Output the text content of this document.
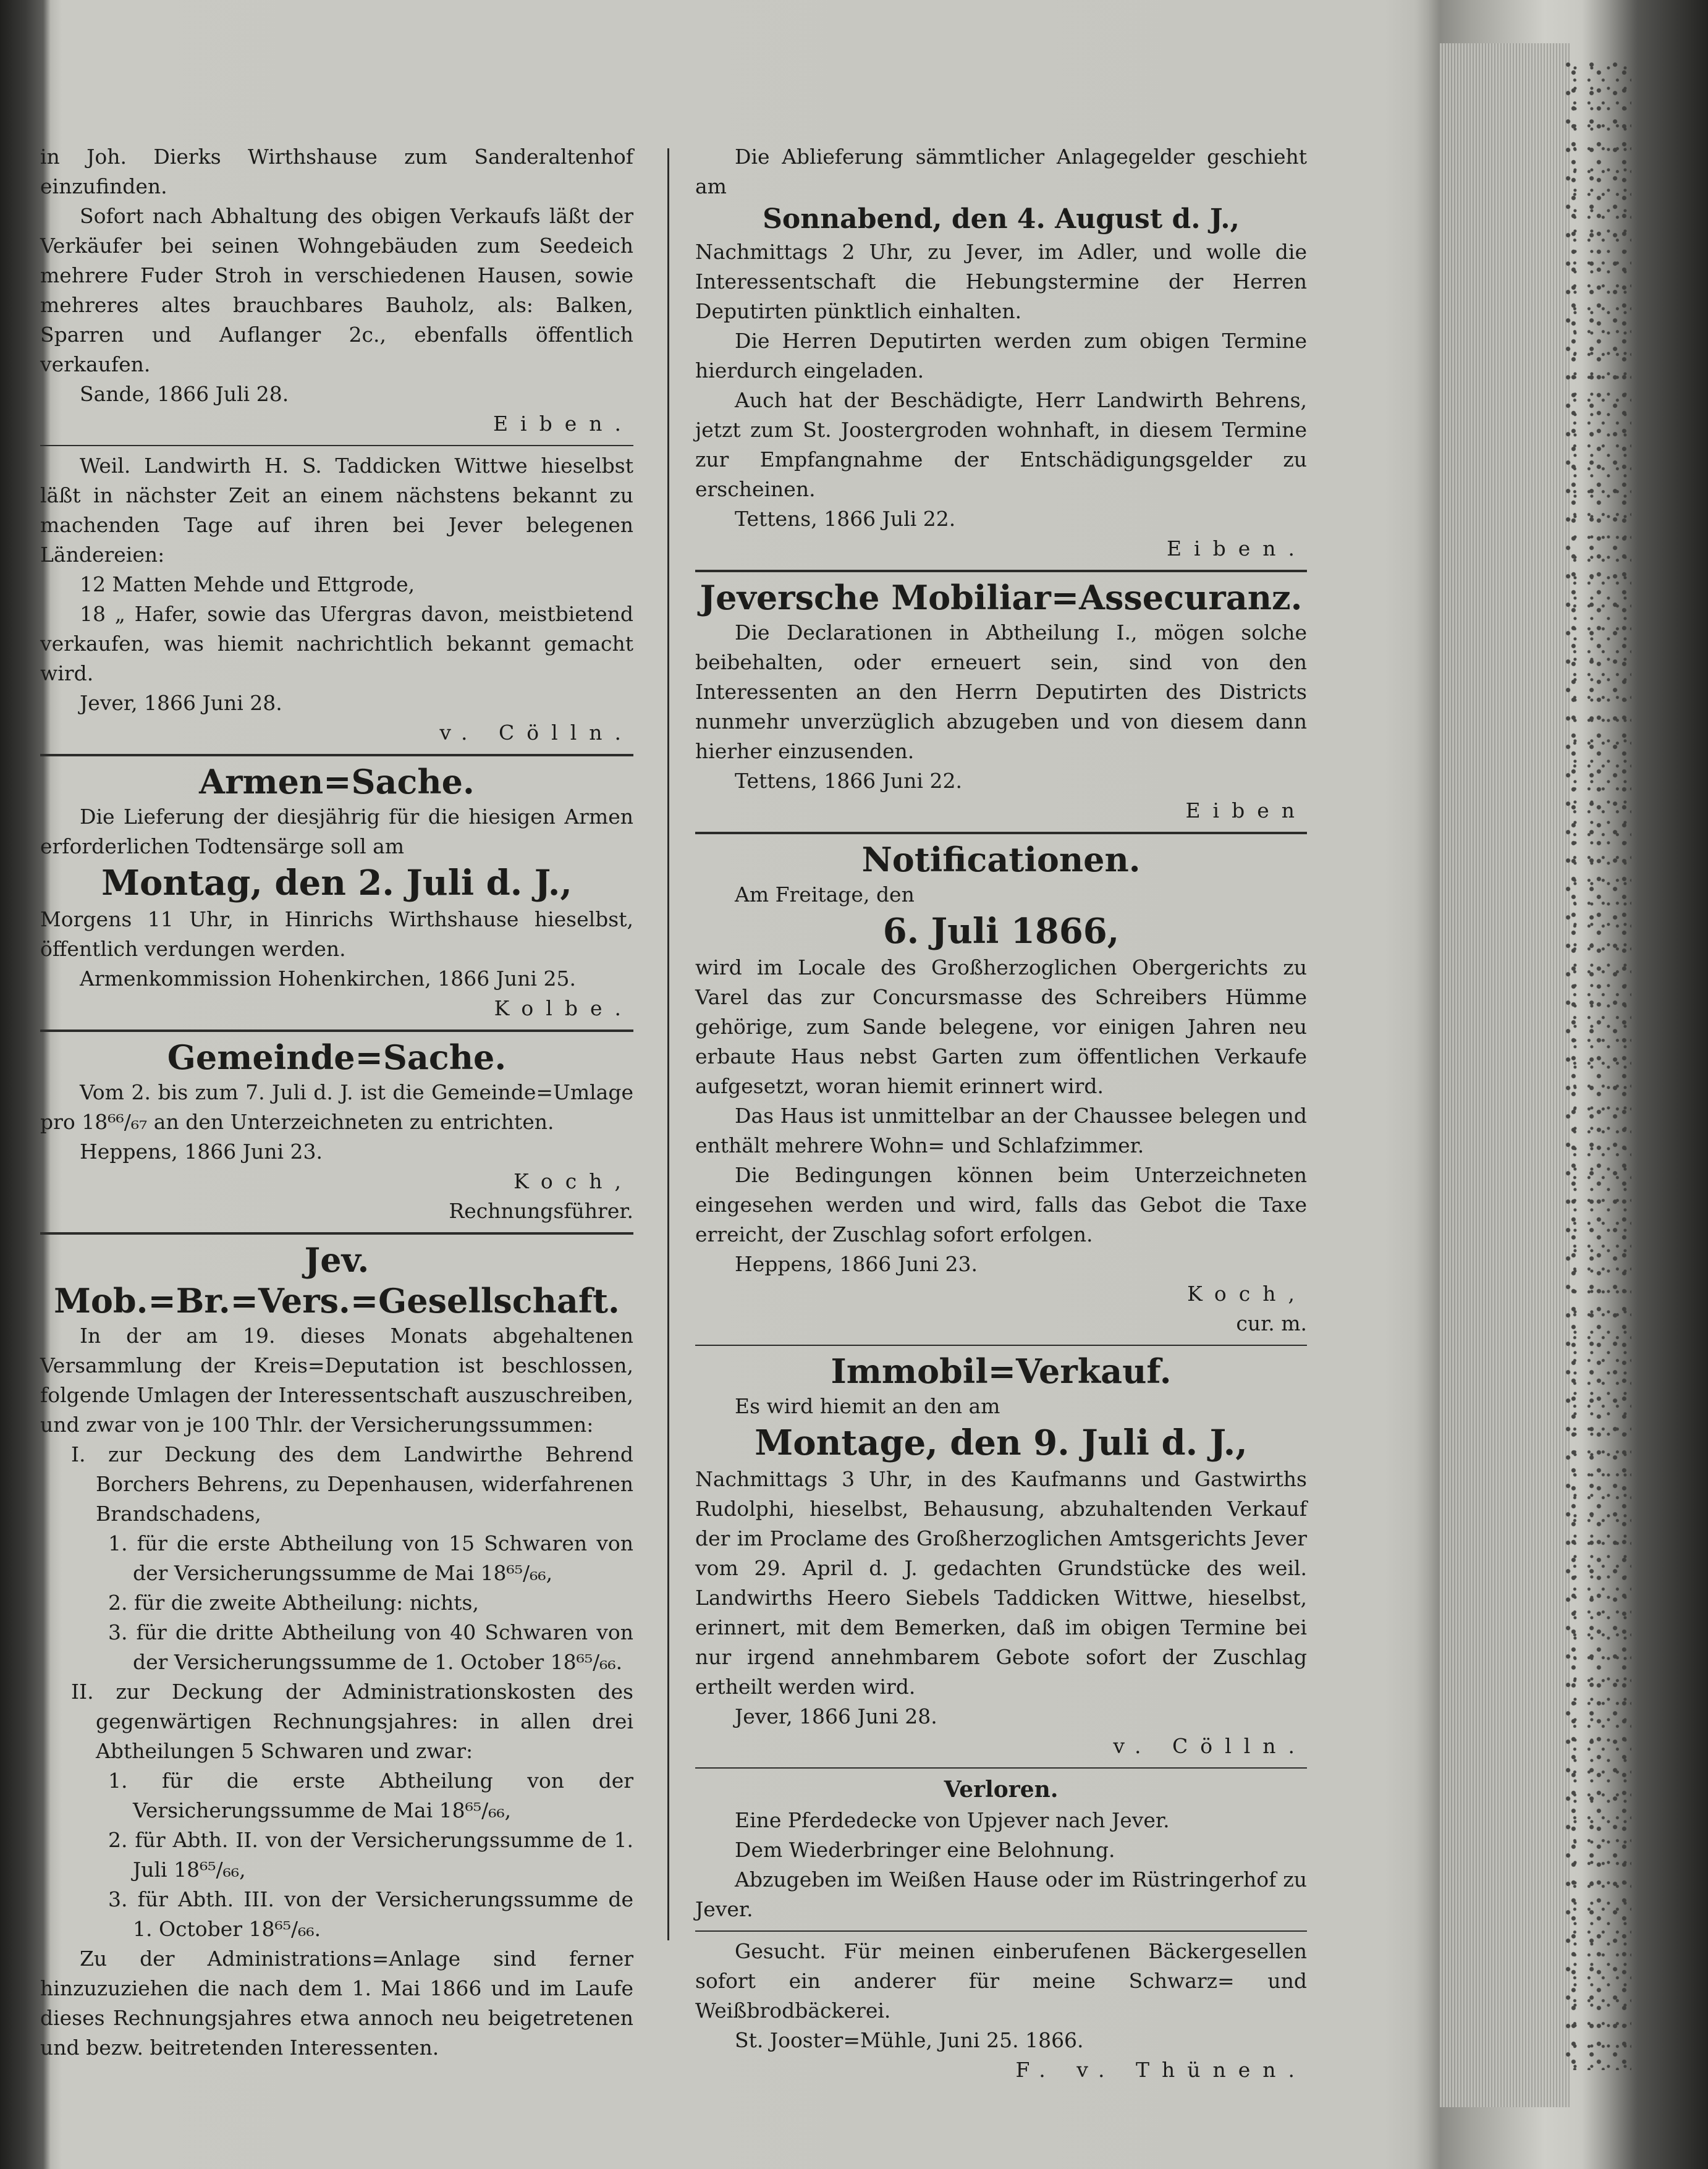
in Joh. Dierks Wirthshause zum Sanderaltenhof einzufinden.

Sofort nach Abhaltung des obigen Verkaufs läßt der Verkäufer bei seinen Wohngebäuden zum Seedeich mehrere Fuder Stroh in verschiedenen Hausen, sowie mehreres altes brauchbares Bauholz, als: Balken, Sparren und Auflanger 2c., ebenfalls öffentlich verkaufen.

Sande, 1866 Juli 28.

Eiben.

Weil. Landwirth H. S. Taddicken Wittwe hieselbst läßt in nächster Zeit an einem nächstens bekannt zu machenden Tage auf ihren bei Jever belegenen Ländereien:

12 Matten Mehde und Ettgrode,

18 „ Hafer, sowie das Ufergras davon, meistbietend verkaufen, was hiemit nachrichtlich bekannt gemacht wird.

Jever, 1866 Juni 28.

v. Cölln.

Armen=Sache.

Die Lieferung der diesjährig für die hiesigen Armen erforderlichen Todtensärge soll am

Montag, den 2. Juli d. J.,

Morgens 11 Uhr, in Hinrichs Wirthshause hieselbst, öffentlich verdungen werden.

Armenkommission Hohenkirchen, 1866 Juni 25.

Kolbe.

Gemeinde=Sache.

Vom 2. bis zum 7. Juli d. J. ist die Gemeinde=Umlage pro 18⁶⁶/₆₇ an den Unterzeichneten zu entrichten.

Heppens, 1866 Juni 23.

Koch,

Rechnungsführer.

Jev. Mob.=Br.=Vers.=Gesellschaft.

In der am 19. dieses Monats abgehaltenen Versammlung der Kreis=Deputation ist beschlossen, folgende Umlagen der Interessentschaft auszuschreiben, und zwar von je 100 Thlr. der Versicherungssummen:

I. zur Deckung des dem Landwirthe Behrend Borchers Behrens, zu Depenhausen, widerfahrenen Brandschadens,

1. für die erste Abtheilung von 15 Schwaren von der Versicherungssumme de Mai 18⁶⁵/₆₆,

2. für die zweite Abtheilung: nichts,

3. für die dritte Abtheilung von 40 Schwaren von der Versicherungssumme de 1. October 18⁶⁵/₆₆.

II. zur Deckung der Administrationskosten des gegenwärtigen Rechnungsjahres: in allen drei Abtheilungen 5 Schwaren und zwar:

1. für die erste Abtheilung von der Versicherungssumme de Mai 18⁶⁵/₆₆,

2. für Abth. II. von der Versicherungssumme de 1. Juli 18⁶⁵/₆₆,

3. für Abth. III. von der Versicherungssumme de 1. October 18⁶⁵/₆₆.

Zu der Administrations=Anlage sind ferner hinzuzuziehen die nach dem 1. Mai 1866 und im Laufe dieses Rechnungsjahres etwa annoch neu beigetretenen und bezw. beitretenden Interessenten.

Die Ablieferung sämmtlicher Anlagegelder geschieht am

Sonnabend, den 4. August d. J.,

Nachmittags 2 Uhr, zu Jever, im Adler, und wolle die Interessentschaft die Hebungstermine der Herren Deputirten pünktlich einhalten.

Die Herren Deputirten werden zum obigen Termine hierdurch eingeladen.

Auch hat der Beschädigte, Herr Landwirth Behrens, jetzt zum St. Joostergroden wohnhaft, in diesem Termine zur Empfangnahme der Entschädigungsgelder zu erscheinen.

Tettens, 1866 Juli 22.

Eiben.

Jeversche Mobiliar=Assecuranz.

Die Declarationen in Abtheilung I., mögen solche beibehalten, oder erneuert sein, sind von den Interessenten an den Herrn Deputirten des Districts nunmehr unverzüglich abzugeben und von diesem dann hierher einzusenden.

Tettens, 1866 Juni 22.

Eiben

Notificationen.

Am Freitage, den

6. Juli 1866,

wird im Locale des Großherzoglichen Obergerichts zu Varel das zur Concursmasse des Schreibers Hümme gehörige, zum Sande belegene, vor einigen Jahren neu erbaute Haus nebst Garten zum öffentlichen Verkaufe aufgesetzt, woran hiemit erinnert wird.

Das Haus ist unmittelbar an der Chaussee belegen und enthält mehrere Wohn= und Schlafzimmer.

Die Bedingungen können beim Unterzeichneten eingesehen werden und wird, falls das Gebot die Taxe erreicht, der Zuschlag sofort erfolgen.

Heppens, 1866 Juni 23.

Koch,

cur. m.

Immobil=Verkauf.

Es wird hiemit an den am

Montage, den 9. Juli d. J.,

Nachmittags 3 Uhr, in des Kaufmanns und Gastwirths Rudolphi, hieselbst, Behausung, abzuhaltenden Verkauf der im Proclame des Großherzoglichen Amtsgerichts Jever vom 29. April d. J. gedachten Grundstücke des weil. Landwirths Heero Siebels Taddicken Wittwe, hieselbst, erinnert, mit dem Bemerken, daß im obigen Termine bei nur irgend annehmbarem Gebote sofort der Zuschlag ertheilt werden wird.

Jever, 1866 Juni 28.

v. Cölln.

Verloren.

Eine Pferdedecke von Upjever nach Jever.

Dem Wiederbringer eine Belohnung.

Abzugeben im Weißen Hause oder im Rüstringerhof zu Jever.

Gesucht. Für meinen einberufenen Bäckergesellen sofort ein anderer für meine Schwarz= und Weißbrodbäckerei.

St. Jooster=Mühle, Juni 25. 1866.

F. v. Thünen.
